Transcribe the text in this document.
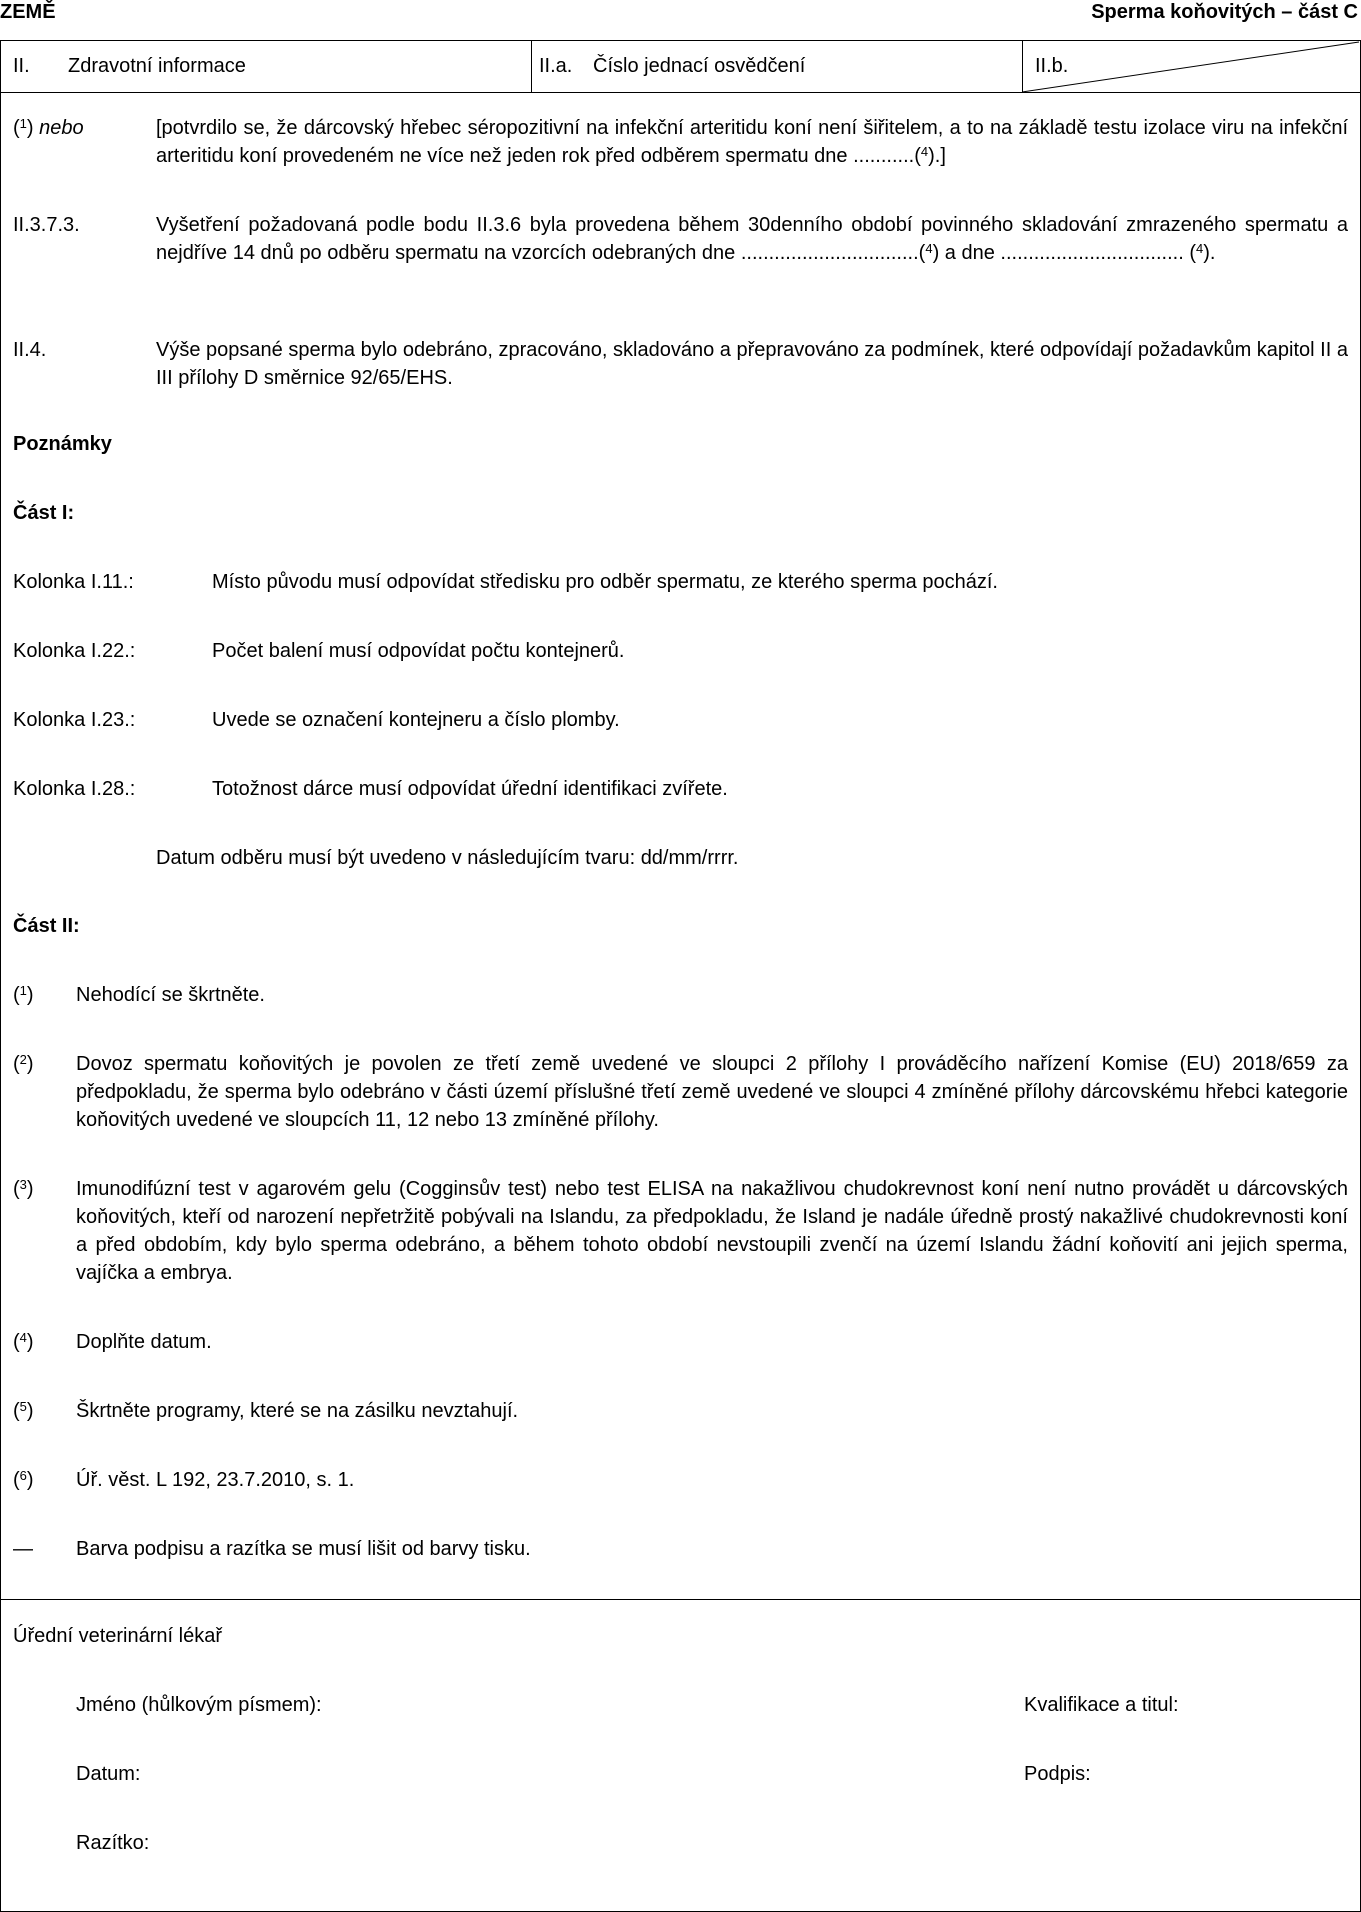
ZEMĚ	Sperma koňovitých – část C
II. Zdravotní informace	II.a. Číslo jednací osvědčení	II.b.
($^1$) nebo	[potvrdilo se, že dárcovský hřebec séropozitivní na infekční arteritidu koní není šiřitelem, a to na základě testu izolace viru na infekční arteritidu koní provedeném ne více než jeden rok před odběrem spermatu dne ...........($^4$).]
II.3.7.3.	Vyšetření požadovaná podle bodu II.3.6 byla provedena během 30denního období povinného skladování zmrazeného spermatu a nejdříve 14 dnů po odběru spermatu na vzorcích odebraných dne ................................($^4$) a dne ................................. ($^4$).
II.4.	Výše popsané sperma bylo odebráno, zpracováno, skladováno a přepravováno za podmínek, které odpovídají požadavkům kapitol II a III přílohy D směrnice 92/65/EHS.
Poznámky
Část I:
Kolonka I.11.:	Místo původu musí odpovídat středisku pro odběr spermatu, ze kterého sperma pochází.
Kolonka I.22.:	Počet balení musí odpovídat počtu kontejnerů.
Kolonka I.23.:	Uvede se označení kontejneru a číslo plomby.
Kolonka I.28.:	Totožnost dárce musí odpovídat úřední identifikaci zvířete.
Datum odběru musí být uvedeno v následujícím tvaru: dd/mm/rrrr.
Část II:
($^1$) Nehodící se škrtněte.
($^2$) Dovoz spermatu koňovitých je povolen ze třetí země uvedené ve sloupci 2 přílohy I prováděcího nařízení Komise (EU) 2018/659 za předpokladu, že sperma bylo odebráno v části území příslušné třetí země uvedené ve sloupci 4 zmíněné přílohy dárcovskému hřebci kategorie koňovitých uvedené ve sloupcích 11, 12 nebo 13 zmíněné přílohy.
($^3$) Imunodifúzní test v agarovém gelu (Cogginsův test) nebo test ELISA na nakažlivou chudokrevnost koní není nutno provádět u dárcovských koňovitých, kteří od narození nepřetržitě pobývali na Islandu, za předpokladu, že Island je nadále úředně prostý nakažlivé chudokrevnosti koní a před obdobím, kdy bylo sperma odebráno, a během tohoto období nevstoupili zvenčí na území Islandu žádní koňovití ani jejich sperma, vajíčka a embrya.
($^4$) Doplňte datum.
($^5$) Škrtněte programy, které se na zásilku nevztahují.
($^6$) Úř. věst. L 192, 23.7.2010, s. 1.
— Barva podpisu a razítka se musí lišit od barvy tisku.
Úřední veterinární lékař
Jméno (hůlkovým písmem):	Kvalifikace a titul:
Datum:	Podpis:
Razítko:
